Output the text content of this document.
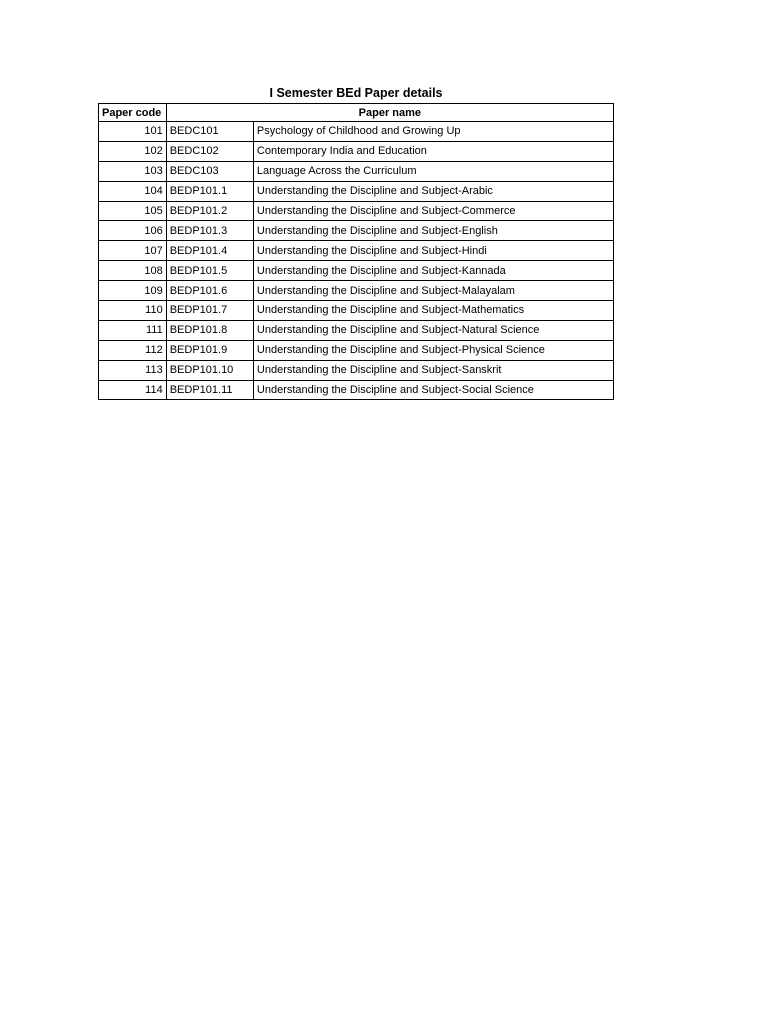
I Semester BEd Paper details
Paper code	Paper name	
101	BEDC101	Psychology of Childhood and Growing Up
102	BEDC102	Contemporary India and Education
103	BEDC103	Language Across the Curriculum
104	BEDP101.1	Understanding the Discipline and Subject-Arabic
105	BEDP101.2	Understanding the Discipline and Subject-Commerce
106	BEDP101.3	Understanding the Discipline and Subject-English
107	BEDP101.4	Understanding the Discipline and Subject-Hindi
108	BEDP101.5	Understanding the Discipline and Subject-Kannada
109	BEDP101.6	Understanding the Discipline and Subject-Malayalam
110	BEDP101.7	Understanding the Discipline and Subject-Mathematics
111	BEDP101.8	Understanding the Discipline and Subject-Natural Science
112	BEDP101.9	Understanding the Discipline and Subject-Physical Science
113	BEDP101.10	Understanding the Discipline and Subject-Sanskrit
114	BEDP101.11	Understanding the Discipline and Subject-Social Science
